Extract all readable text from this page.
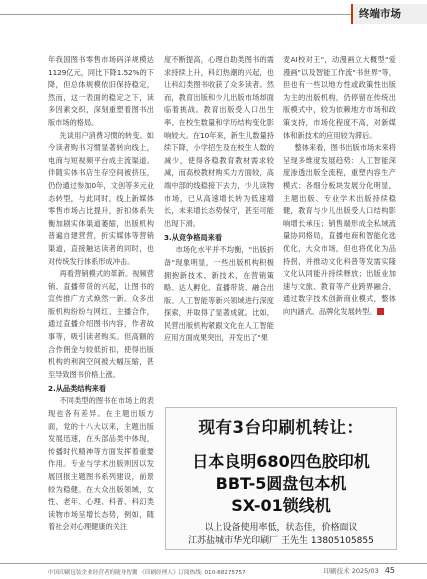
终端市场

年我国图书零售市场码洋规模达1129亿元，同比下降1.52%的下降，但总体规模依旧保持稳定，然而，这一表面的稳定之下，读多因素交织，深刻重塑着图书出版市场的格局。

先谈用户消费习惯的转变。如今读者购书习惯显著转向线上，电商与短视频平台成主流渠道。伴随实体书店生存空间被挤压，仍份通过参加0年，文创等多元业态转型，与此同时，线上新媒体零售市场占比提升，折扣体系失衡加剧实体渠道萎缩，出版机构普遍自建营营，折实媒体等营销渠道，直接触达读者的同时，也对传统发行体系形成冲击。

再看营销模式的革新。视频营销、直播带货的兴起，让图书的宣传推广方式焕然一新。众多出版机构纷纷与网红、主播合作，通过直播介绍图书内容，作者故事等，吸引读者购买。但高额的合作佣金与较低折扣，使得出版机构的利润空间被大幅压缩，甚至导致图书价格上涨。

2.从品类结构来看

不同类型的图书在市场上的表现也各有差异。在主题出版方面，党的十八大以来，主题出版发展迅速，在头部品类中体现，传播时代精神等方面发挥着重要作用。专业与学术出版则因以发展回报主题图书系列建设，前景较为稳健。在大众出版领域，女性、老年、心理、科普、科幻类读物市场呈增长态势，例如，随着社会对心理健康的关注

度不断提高，心理自助类图书的需求持续上升，科幻热潮的兴起，也让科幻类图书收获了众多读者。然而，教育出版和少儿出版市场却面临着挑战。教育出版受人口出生率、在校生数量和学历结构变化影响较大。在10年来，新生儿数量持续下降，小学招生及在校生人数的减少，使得各稳教育教材需求较减，而高校教材购买力方面较，高端中部的线稳接下去力，少儿读物市场，已从高速增长转为低速增长，未来增长态势保守，甚至可能出现下滑。

3.从竞争格局来看

市场化水平并不均衡，"出版折备"现象明显，一些出版机构积极拥抱新技术、新技术，在营销策略、达人孵化、直播带货、融合出版、人工智能等新兴领域进行深度探索，并取得了显著成就。比如，民营出版机构紧跟文化在人工智能应用方面成果突出，开发出了"果

麦AI校对王"，动漫画立大概型"爱漫画"以及智能工作流"书世界"等，但也有一些以地方性或政策性出版为主的出版机构，仍停留在传统出版模式中，较为依赖地方市场和政策支持，市场化程度不高，对新媒体和新技术的应用较为滞后。

整体来看，图书出版市场未来将呈现多维度发展趋势：人工智能深度渗透出版全流程，重塑内容生产模式；各细分板块发展分化明显，主题出版、专业学术出版持续稳健，教育与少儿出版受人口结构影响增长承压；销售端形成全私域流量协同格局，直播电商和智能化选优化，大众市场，但也将优化为品持拐，并推动文化科普等发需实隆文化认同能升持续释放；出版业加速与文旅、教育等产业跨界融合，通过数字技术创新商业模式，整体向内涵式、品牌化发展转型。

现有3台印刷机转让：
日本良明680四色胶印机
BBT-5圆盘包本机
SX-01锁线机
以上设备使用率低，状态佳，价格面议
江苏盐城市华光印刷厂 王先生 13805105855
中国印刷包装企业经营者的随身智囊 《印刷经理人》订阅热线: 010-88275757	印刷技术 2025/03 45
